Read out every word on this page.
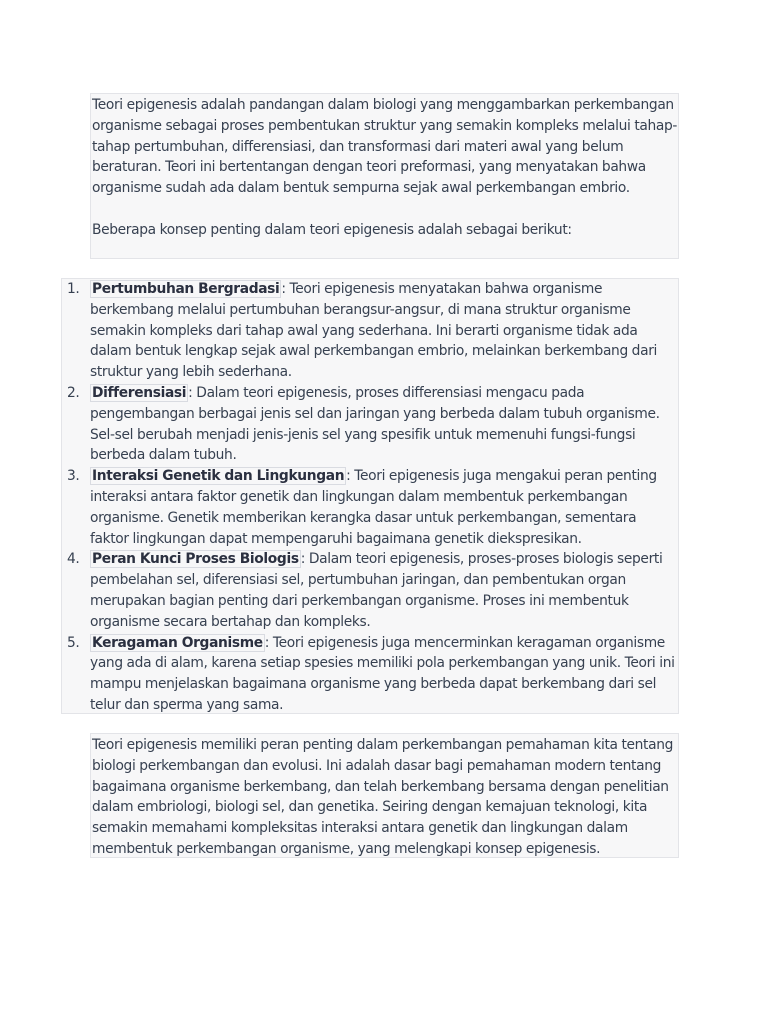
Teori epigenesis adalah pandangan dalam biologi yang menggambarkan perkembangan organisme sebagai proses pembentukan struktur yang semakin kompleks melalui tahap-tahap pertumbuhan, differensiasi, dan transformasi dari materi awal yang belum beraturan. Teori ini bertentangan dengan teori preformasi, yang menyatakan bahwa organisme sudah ada dalam bentuk sempurna sejak awal perkembangan embrio.

Beberapa konsep penting dalam teori epigenesis adalah sebagai berikut:

1. Pertumbuhan Bergradasi : Teori epigenesis menyatakan bahwa organisme berkembang melalui pertumbuhan berangsur-angsur, di mana struktur organisme semakin kompleks dari tahap awal yang sederhana. Ini berarti organisme tidak ada dalam bentuk lengkap sejak awal perkembangan embrio, melainkan berkembang dari struktur yang lebih sederhana.
2. Differensiasi : Dalam teori epigenesis, proses differensiasi mengacu pada pengembangan berbagai jenis sel dan jaringan yang berbeda dalam tubuh organisme. Sel-sel berubah menjadi jenis-jenis sel yang spesifik untuk memenuhi fungsi-fungsi berbeda dalam tubuh.
3. Interaksi Genetik dan Lingkungan : Teori epigenesis juga mengakui peran penting interaksi antara faktor genetik dan lingkungan dalam membentuk perkembangan organisme. Genetik memberikan kerangka dasar untuk perkembangan, sementara faktor lingkungan dapat mempengaruhi bagaimana genetik diekspresikan.
4. Peran Kunci Proses Biologis : Dalam teori epigenesis, proses-proses biologis seperti pembelahan sel, diferensiasi sel, pertumbuhan jaringan, dan pembentukan organ merupakan bagian penting dari perkembangan organisme. Proses ini membentuk organisme secara bertahap dan kompleks.
5. Keragaman Organisme : Teori epigenesis juga mencerminkan keragaman organisme yang ada di alam, karena setiap spesies memiliki pola perkembangan yang unik. Teori ini mampu menjelaskan bagaimana organisme yang berbeda dapat berkembang dari sel telur dan sperma yang sama.

Teori epigenesis memiliki peran penting dalam perkembangan pemahaman kita tentang biologi perkembangan dan evolusi. Ini adalah dasar bagi pemahaman modern tentang bagaimana organisme berkembang, dan telah berkembang bersama dengan penelitian dalam embriologi, biologi sel, dan genetika. Seiring dengan kemajuan teknologi, kita semakin memahami kompleksitas interaksi antara genetik dan lingkungan dalam membentuk perkembangan organisme, yang melengkapi konsep epigenesis.
